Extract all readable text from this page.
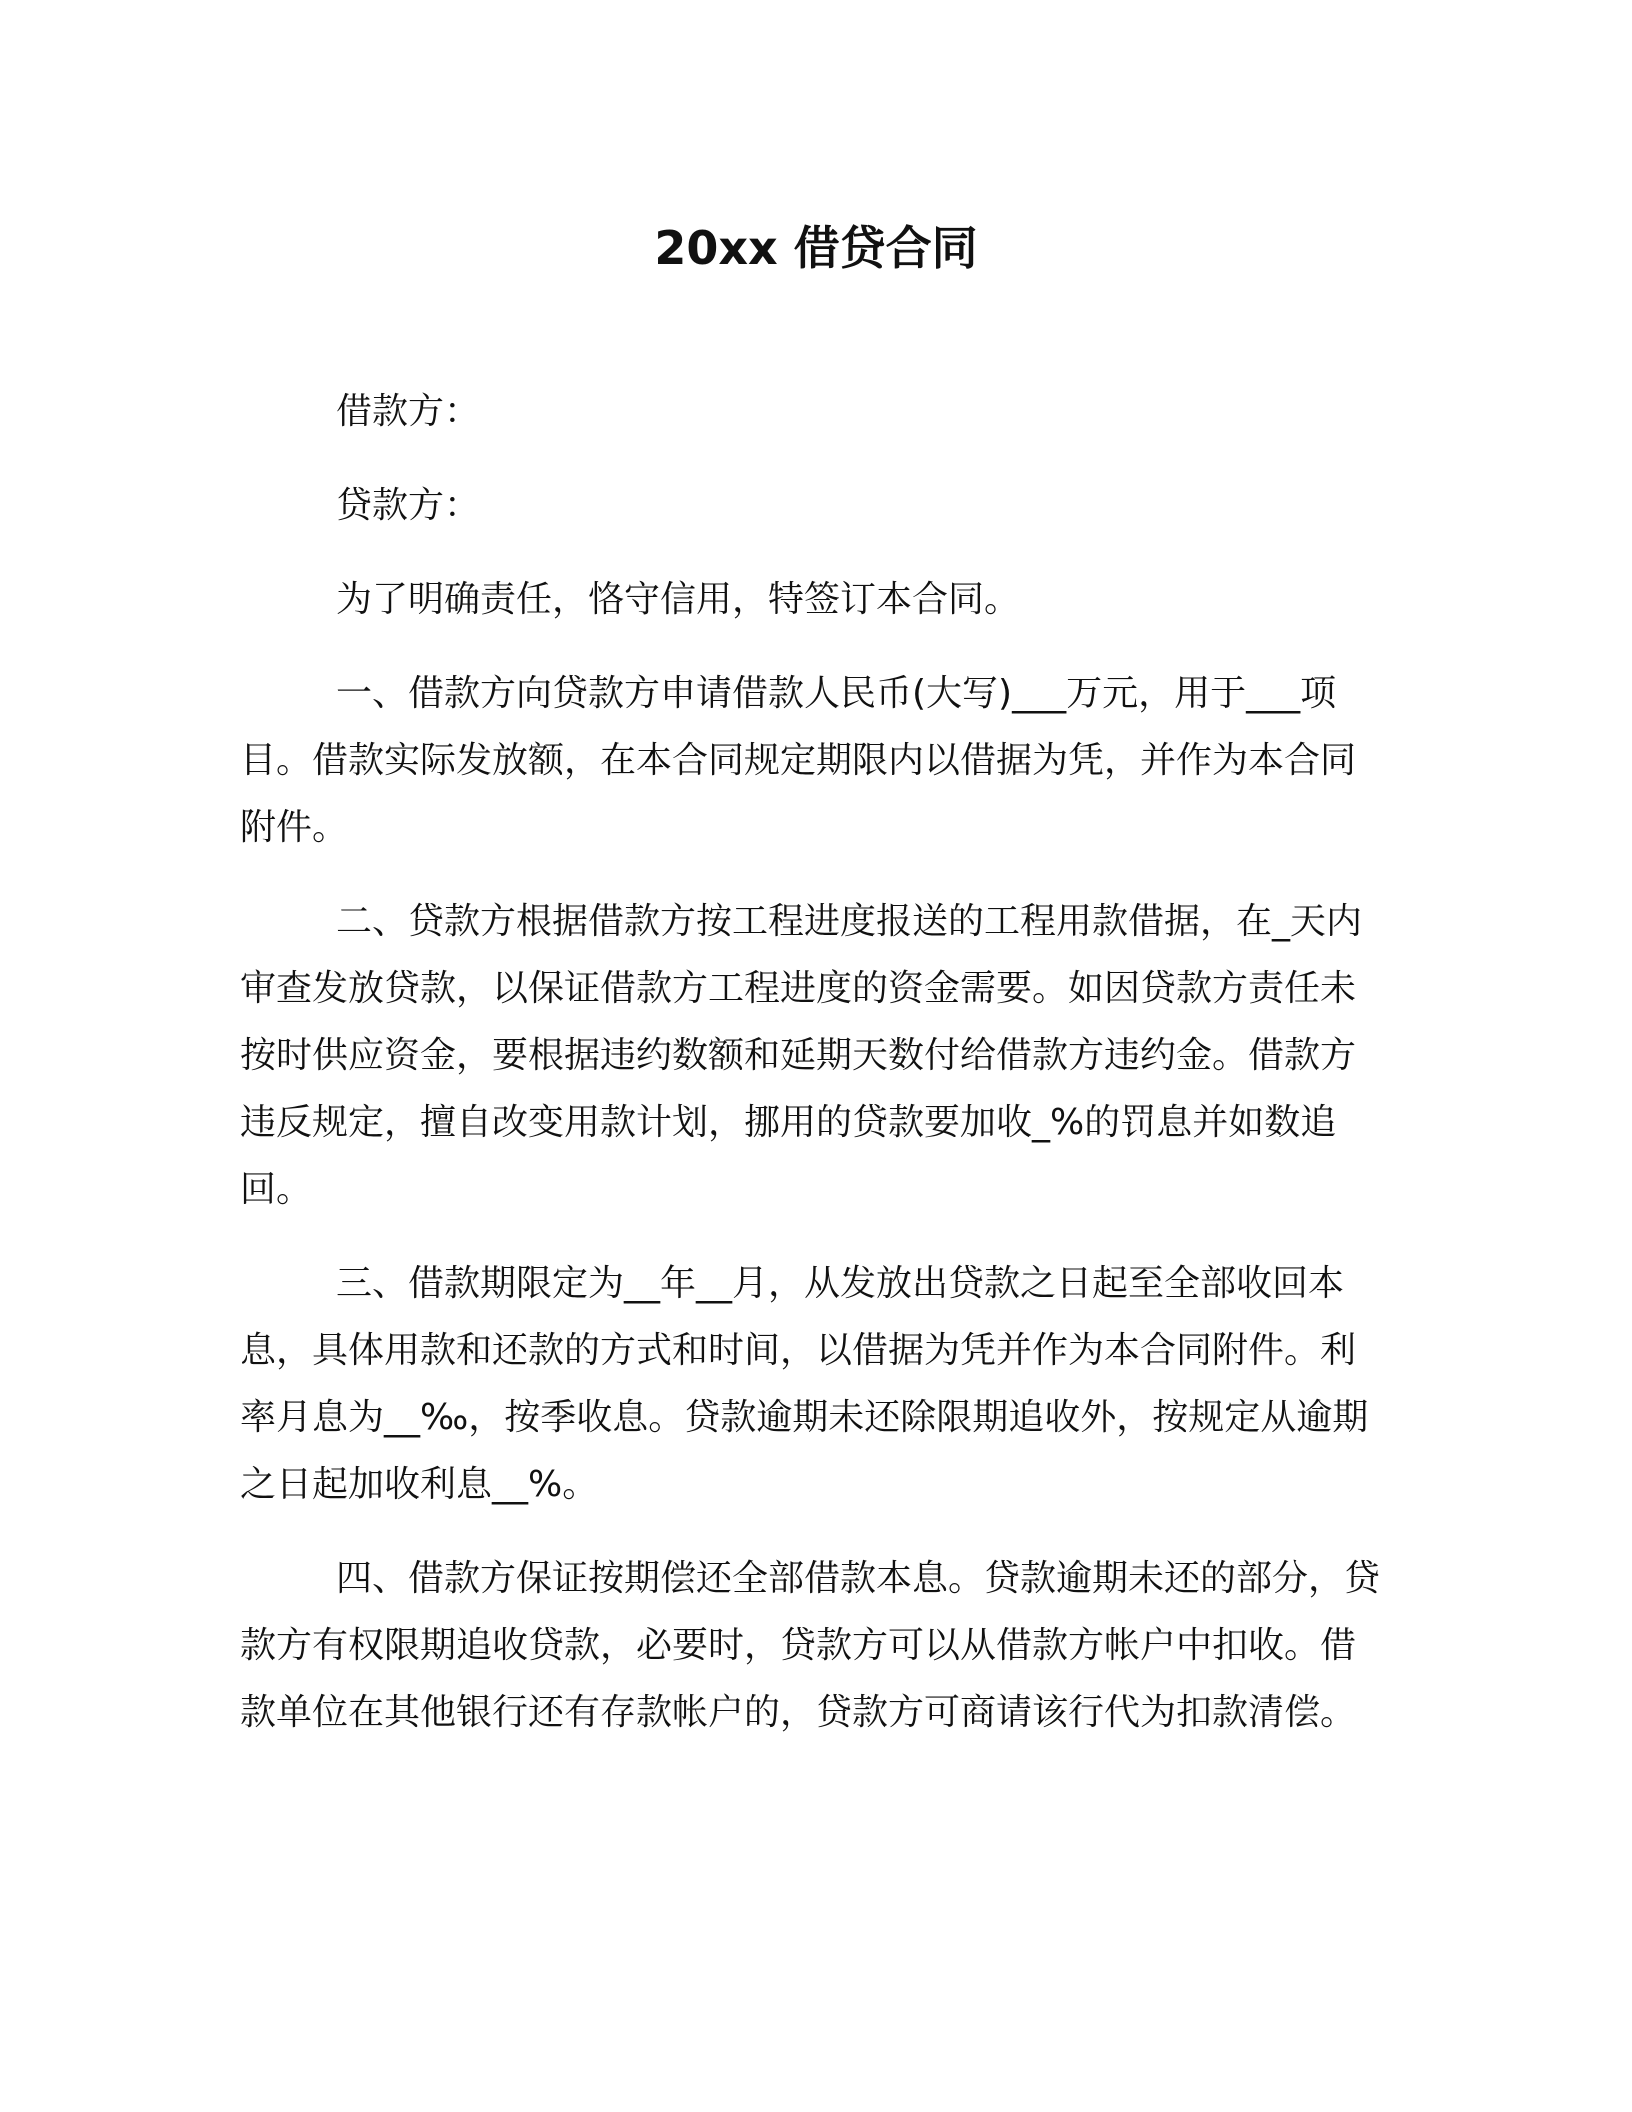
20xx 借贷合同

借款方：

贷款方：

为了明确责任，恪守信用，特签订本合同。

一、借款方向贷款方申请借款人民币(大写)___万元，用于___项目。借款实际发放额，在本合同规定期限内以借据为凭，并作为本合同附件。

二、贷款方根据借款方按工程进度报送的工程用款借据，在_天内审查发放贷款，以保证借款方工程进度的资金需要。如因贷款方责任未按时供应资金，要根据违约数额和延期天数付给借款方违约金。借款方违反规定，擅自改变用款计划，挪用的贷款要加收_%的罚息并如数追回。

三、借款期限定为__年__月，从发放出贷款之日起至全部收回本息，具体用款和还款的方式和时间，以借据为凭并作为本合同附件。利率月息为__‰，按季收息。贷款逾期未还除限期追收外，按规定从逾期之日起加收利息__%。

四、借款方保证按期偿还全部借款本息。贷款逾期未还的部分，贷款方有权限期追收贷款，必要时，贷款方可以从借款方帐户中扣收。借款单位在其他银行还有存款帐户的，贷款方可商请该行代为扣款清偿。
